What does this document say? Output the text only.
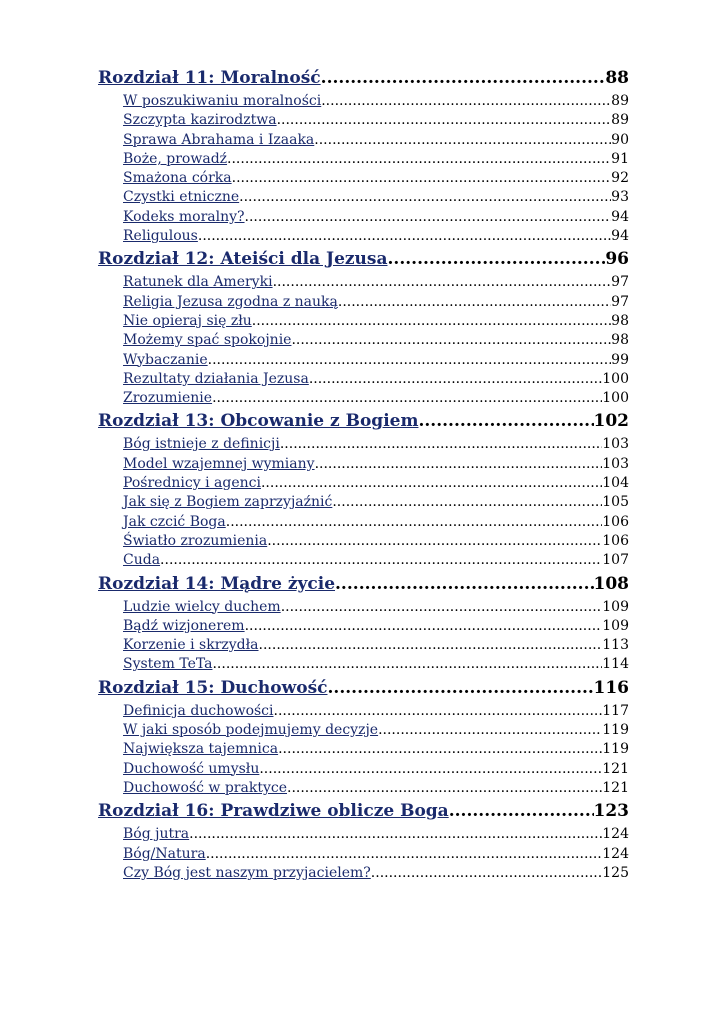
Rozdział 11: Moralność .....	88
W poszukiwaniu moralności .....	89
Szczypta kazirodztwa .....	89
Sprawa Abrahama i Izaaka .....	90
Boże, prowadź .....	91
Smażona córka .....	92
Czystki etniczne .....	93
Kodeks moralny? .....	94
Religulous .....	94
Rozdział 12: Ateiści dla Jezusa .....	96
Ratunek dla Ameryki .....	97
Religia Jezusa zgodna z nauką .....	97
Nie opieraj się złu .....	98
Możemy spać spokojnie .....	98
Wybaczanie .....	99
Rezultaty działania Jezusa .....	100
Zrozumienie .....	100
Rozdział 13: Obcowanie z Bogiem .....	102
Bóg istnieje z definicji .....	103
Model wzajemnej wymiany .....	103
Pośrednicy i agenci .....	104
Jak się z Bogiem zaprzyjaźnić .....	105
Jak czcić Boga .....	106
Światło zrozumienia .....	106
Cuda .....	107
Rozdział 14: Mądre życie .....	108
Ludzie wielcy duchem .....	109
Bądź wizjonerem .....	109
Korzenie i skrzydła .....	113
System TeTa .....	114
Rozdział 15: Duchowość .....	116
Definicja duchowości .....	117
W jaki sposób podejmujemy decyzje .....	119
Największa tajemnica .....	119
Duchowość umysłu .....	121
Duchowość w praktyce .....	121
Rozdział 16: Prawdziwe oblicze Boga .....	123
Bóg jutra .....	124
Bóg/Natura .....	124
Czy Bóg jest naszym przyjacielem? .....	125
